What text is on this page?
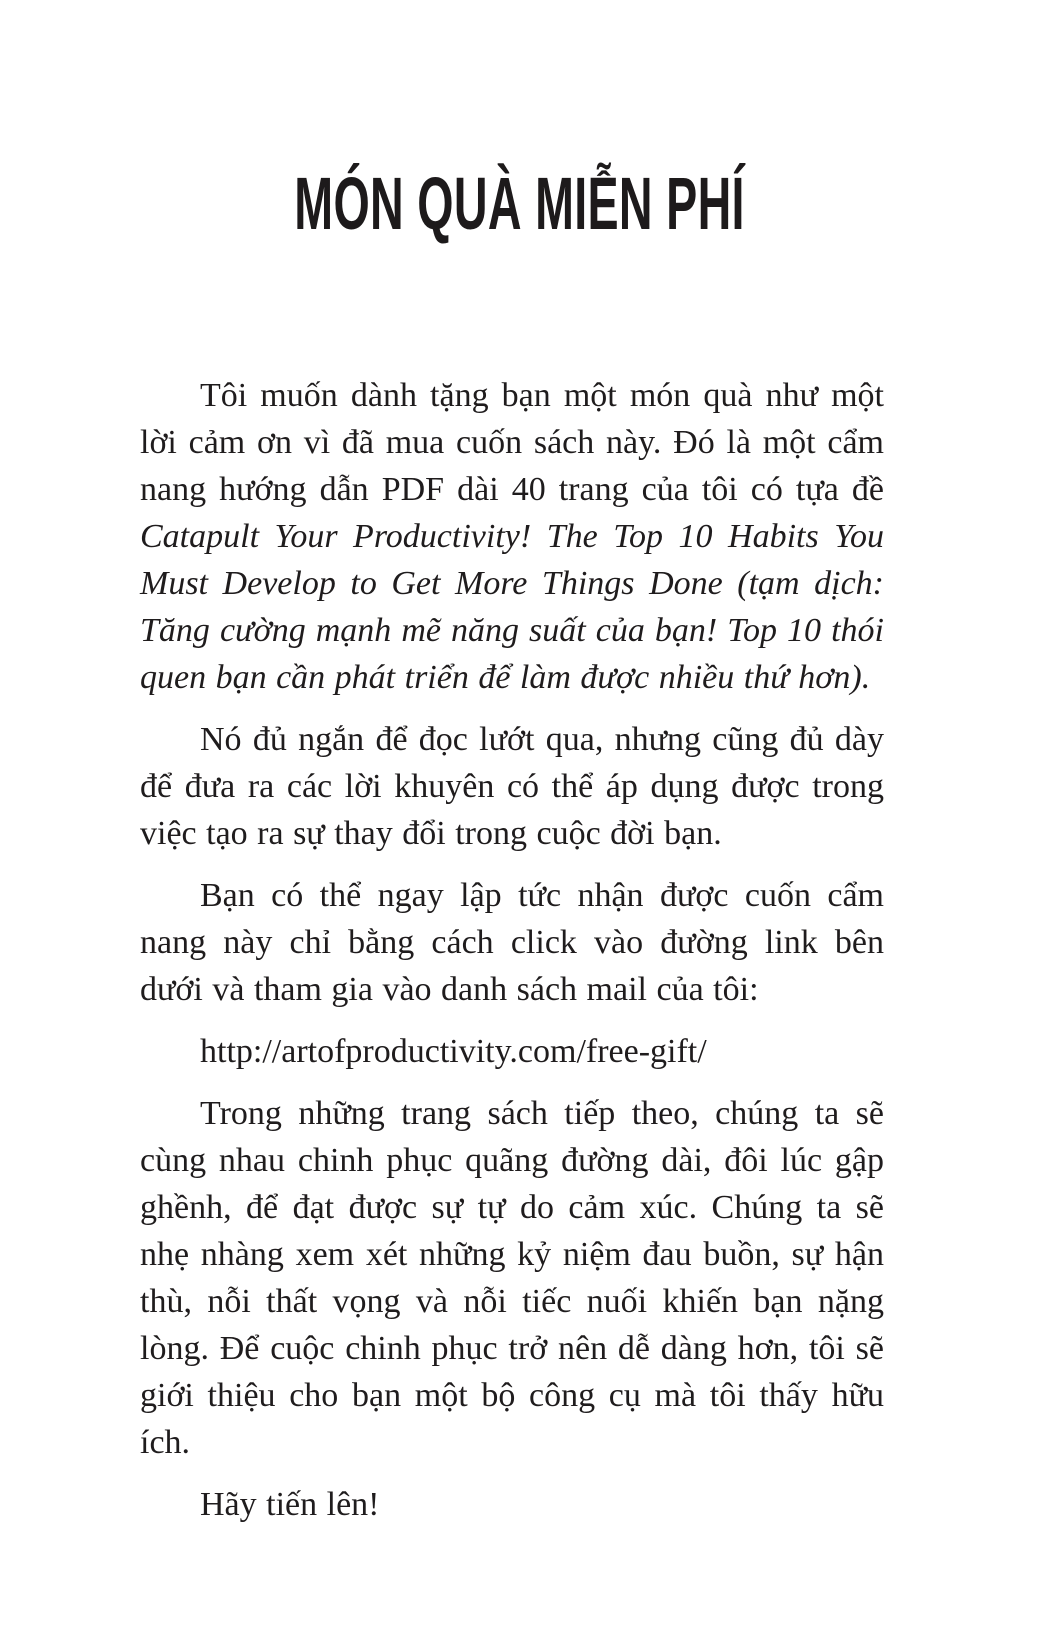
MÓN QUÀ MIỄN PHÍ

Tôi muốn dành tặng bạn một món quà như một lời cảm ơn vì đã mua cuốn sách này. Đó là một cẩm nang hướng dẫn PDF dài 40 trang của tôi có tựa đề Catapult Your Productivity! The Top 10 Habits You Must Develop to Get More Things Done (tạm dịch: Tăng cường mạnh mẽ năng suất của bạn! Top 10 thói quen bạn cần phát triển để làm được nhiều thứ hơn).

Nó đủ ngắn để đọc lướt qua, nhưng cũng đủ dày để đưa ra các lời khuyên có thể áp dụng được trong việc tạo ra sự thay đổi trong cuộc đời bạn.

Bạn có thể ngay lập tức nhận được cuốn cẩm nang này chỉ bằng cách click vào đường link bên dưới và tham gia vào danh sách mail của tôi:

http://artofproductivity.com/free-gift/

Trong những trang sách tiếp theo, chúng ta sẽ cùng nhau chinh phục quãng đường dài, đôi lúc gập ghềnh, để đạt được sự tự do cảm xúc. Chúng ta sẽ nhẹ nhàng xem xét những kỷ niệm đau buồn, sự hận thù, nỗi thất vọng và nỗi tiếc nuối khiến bạn nặng lòng. Để cuộc chinh phục trở nên dễ dàng hơn, tôi sẽ giới thiệu cho bạn một bộ công cụ mà tôi thấy hữu ích.

Hãy tiến lên!
